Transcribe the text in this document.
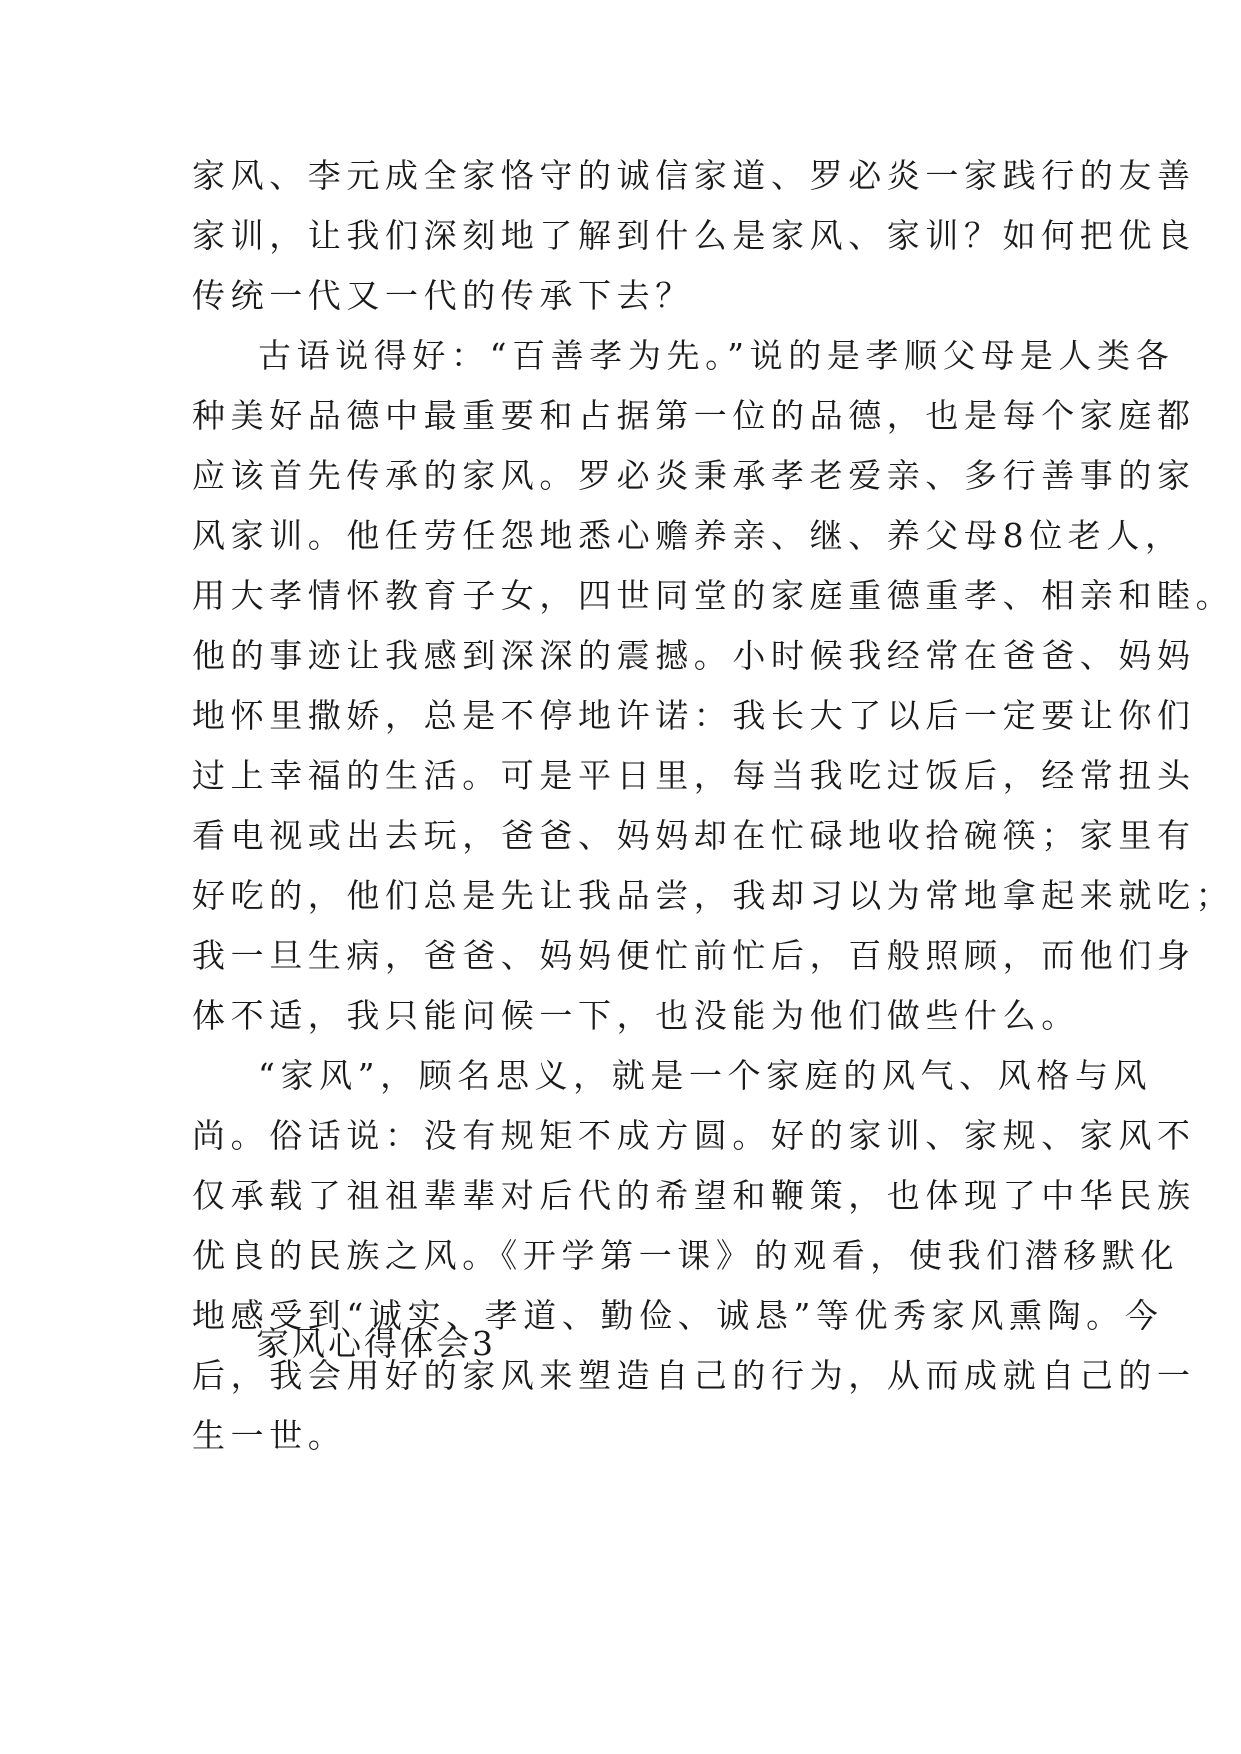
家风、李元成全家恪守的诚信家道、罗必炎一家践行的友善
家训，让我们深刻地了解到什么是家风、家训？如何把优良
传统一代又一代的传承下去？
古语说得好：“百善孝为先。”说的是孝顺父母是人类各
种美好品德中最重要和占据第一位的品德，也是每个家庭都
应该首先传承的家风。罗必炎秉承孝老爱亲、多行善事的家
风家训。他任劳任怨地悉心赡养亲、继、养父母8位老人，
用大孝情怀教育子女，四世同堂的家庭重德重孝、相亲和睦。
他的事迹让我感到深深的震撼。小时候我经常在爸爸、妈妈
地怀里撒娇，总是不停地许诺：我长大了以后一定要让你们
过上幸福的生活。可是平日里，每当我吃过饭后，经常扭头
看电视或出去玩，爸爸、妈妈却在忙碌地收拾碗筷；家里有
好吃的，他们总是先让我品尝，我却习以为常地拿起来就吃；
我一旦生病，爸爸、妈妈便忙前忙后，百般照顾，而他们身
体不适，我只能问候一下，也没能为他们做些什么。
“家风”，顾名思义，就是一个家庭的风气、风格与风
尚。俗话说：没有规矩不成方圆。好的家训、家规、家风不
仅承载了祖祖辈辈对后代的希望和鞭策，也体现了中华民族
优良的民族之风。《开学第一课》的观看，使我们潜移默化
地感受到“诚实、孝道、勤俭、诚恳”等优秀家风熏陶。今
后，我会用好的家风来塑造自己的行为，从而成就自己的一
生一世。
家风心得体会3
